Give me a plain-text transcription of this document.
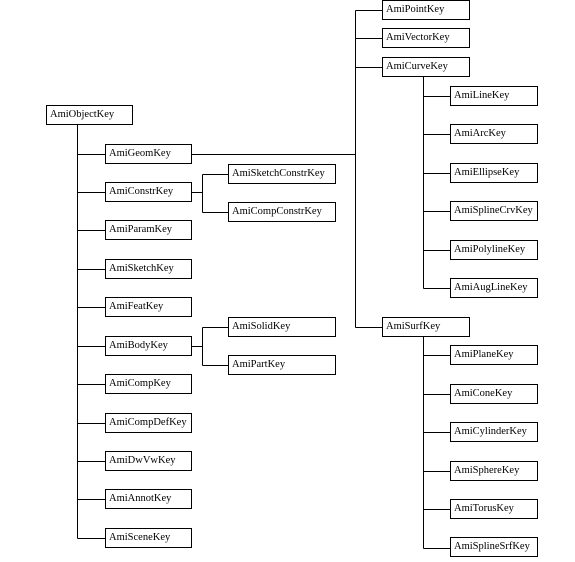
AmiObjectKey
AmiGeomKey
AmiConstrKey
AmiParamKey
AmiSketchKey
AmiFeatKey
AmiBodyKey
AmiCompKey
AmiCompDefKey
AmiDwVwKey
AmiAnnotKey
AmiSceneKey
AmiSketchConstrKey
AmiCompConstrKey
AmiSolidKey
AmiPartKey
AmiPointKey
AmiVectorKey
AmiCurveKey
AmiSurfKey
AmiLineKey
AmiArcKey
AmiEllipseKey
AmiSplineCrvKey
AmiPolylineKey
AmiAugLineKey
AmiPlaneKey
AmiConeKey
AmiCylinderKey
AmiSphereKey
AmiTorusKey
AmiSplineSrfKey
